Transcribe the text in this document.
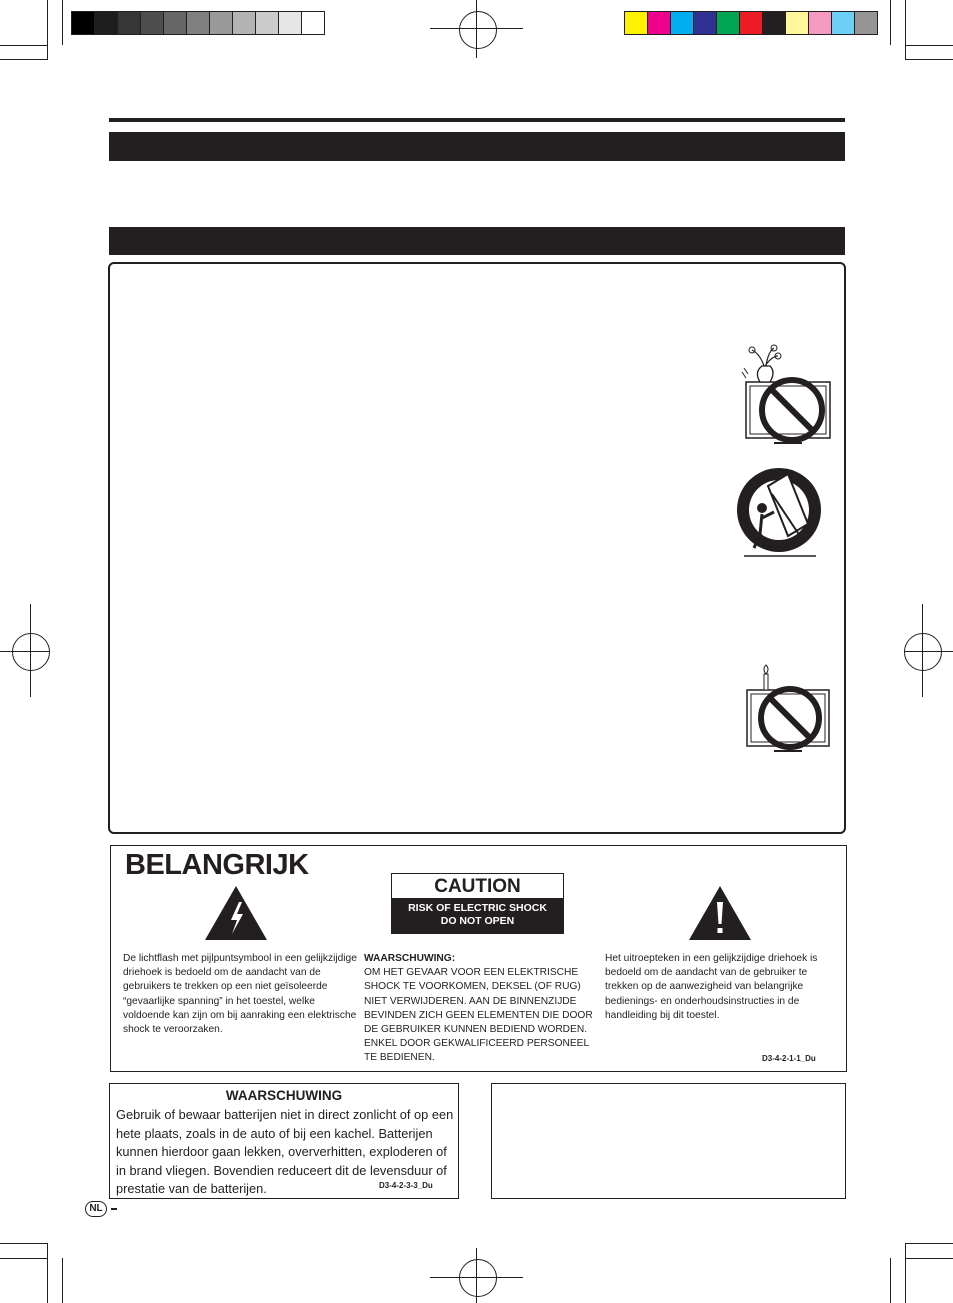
BELANGRIJK
CAUTION
RISK OF ELECTRIC SHOCK
DO NOT OPEN
De lichtflash met pijlpuntsymbool in een gelijkzijdige driehoek is bedoeld om de aandacht van de gebruikers te trekken op een niet geïsoleerde “gevaarlijke spanning” in het toestel, welke voldoende kan zijn om bij aanraking een elektrische shock te veroorzaken.
WAARSCHUWING:
OM HET GEVAAR VOOR EEN ELEKTRISCHE SHOCK TE VOORKOMEN, DEKSEL (OF RUG) NIET VERWIJDEREN. AAN DE BINNENZIJDE BEVINDEN ZICH GEEN ELEMENTEN DIE DOOR DE GEBRUIKER KUNNEN BEDIEND WORDEN. ENKEL DOOR GEKWALIFICEERD PERSONEEL TE BEDIENEN.
Het uitroepteken in een gelijkzijdige driehoek is bedoeld om de aandacht van de gebruiker te trekken op de aanwezigheid van belangrijke bedienings- en onderhoudsinstructies in de handleiding bij dit toestel.
D3-4-2-1-1_Du
WAARSCHUWING
Gebruik of bewaar batterijen niet in direct zonlicht of op een hete plaats, zoals in de auto of bij een kachel. Batterijen kunnen hierdoor gaan lekken, oververhitten, exploderen of in brand vliegen. Bovendien reduceert dit de levensduur of prestatie van de batterijen.	D3-4-2-3-3_Du
NL
